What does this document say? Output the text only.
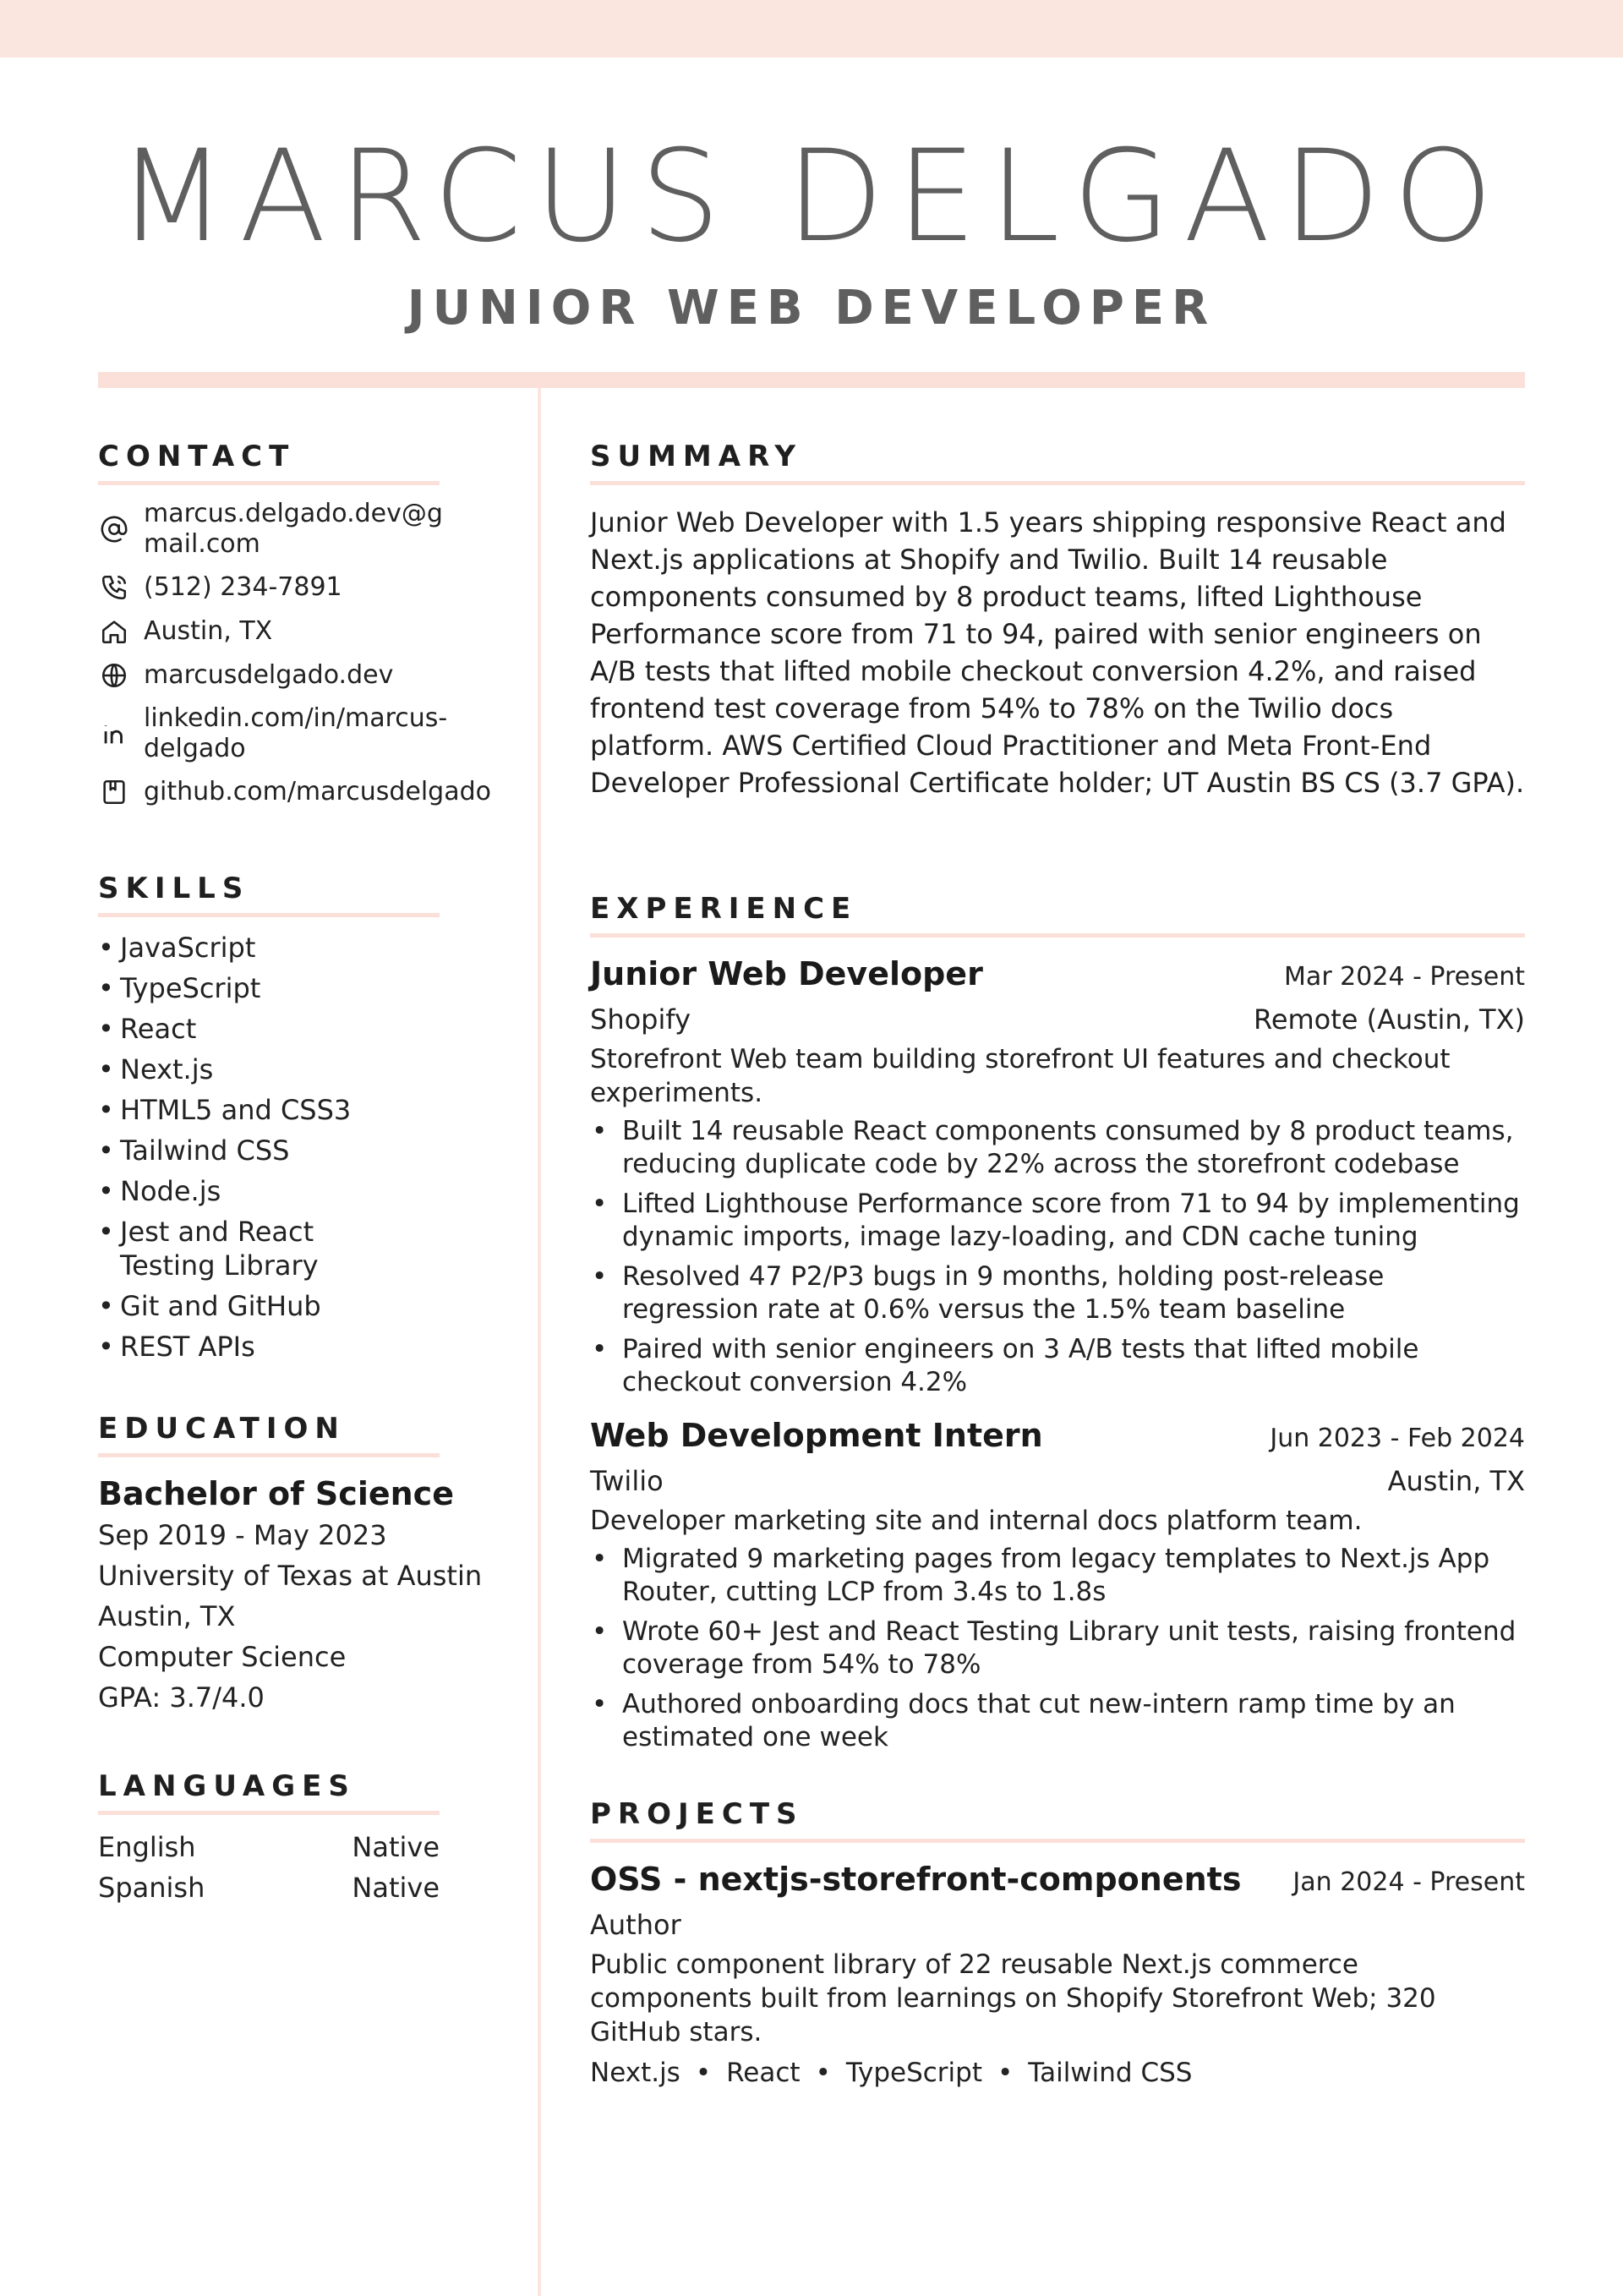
MARCUS DELGADO
JUNIOR WEB DEVELOPER
CONTACT
marcus.delgado.dev@g mail.com
(512) 234-7891
Austin, TX
marcusdelgado.dev
linkedin.com/in/marcus-delgado
github.com/marcusdelgado
SKILLS
• JavaScript
• TypeScript
• React
• Next.js
• HTML5 and CSS3
• Tailwind CSS
• Node.js
• Jest and React Testing Library
• Git and GitHub
• REST APIs
EDUCATION
Bachelor of Science
Sep 2019 - May 2023
University of Texas at Austin
Austin, TX
Computer Science
GPA: 3.7/4.0
LANGUAGES
English	Native
Spanish	Native
SUMMARY
Junior Web Developer with 1.5 years shipping responsive React and Next.js applications at Shopify and Twilio. Built 14 reusable components consumed by 8 product teams, lifted Lighthouse Performance score from 71 to 94, paired with senior engineers on A/B tests that lifted mobile checkout conversion 4.2%, and raised frontend test coverage from 54% to 78% on the Twilio docs platform. AWS Certified Cloud Practitioner and Meta Front-End Developer Professional Certificate holder; UT Austin BS CS (3.7 GPA).
EXPERIENCE
Junior Web Developer	Mar 2024 - Present
Shopify	Remote (Austin, TX)
Storefront Web team building storefront UI features and checkout experiments.
• Built 14 reusable React components consumed by 8 product teams, reducing duplicate code by 22% across the storefront codebase
• Lifted Lighthouse Performance score from 71 to 94 by implementing dynamic imports, image lazy-loading, and CDN cache tuning
• Resolved 47 P2/P3 bugs in 9 months, holding post-release regression rate at 0.6% versus the 1.5% team baseline
• Paired with senior engineers on 3 A/B tests that lifted mobile checkout conversion 4.2%
Web Development Intern	Jun 2023 - Feb 2024
Twilio	Austin, TX
Developer marketing site and internal docs platform team.
• Migrated 9 marketing pages from legacy templates to Next.js App Router, cutting LCP from 3.4s to 1.8s
• Wrote 60+ Jest and React Testing Library unit tests, raising frontend coverage from 54% to 78%
• Authored onboarding docs that cut new-intern ramp time by an estimated one week
PROJECTS
OSS - nextjs-storefront-components Jan 2024 - Present
Author
Public component library of 22 reusable Next.js commerce components built from learnings on Shopify Storefront Web; 320 GitHub stars.
Next.js • React • TypeScript • Tailwind CSS
